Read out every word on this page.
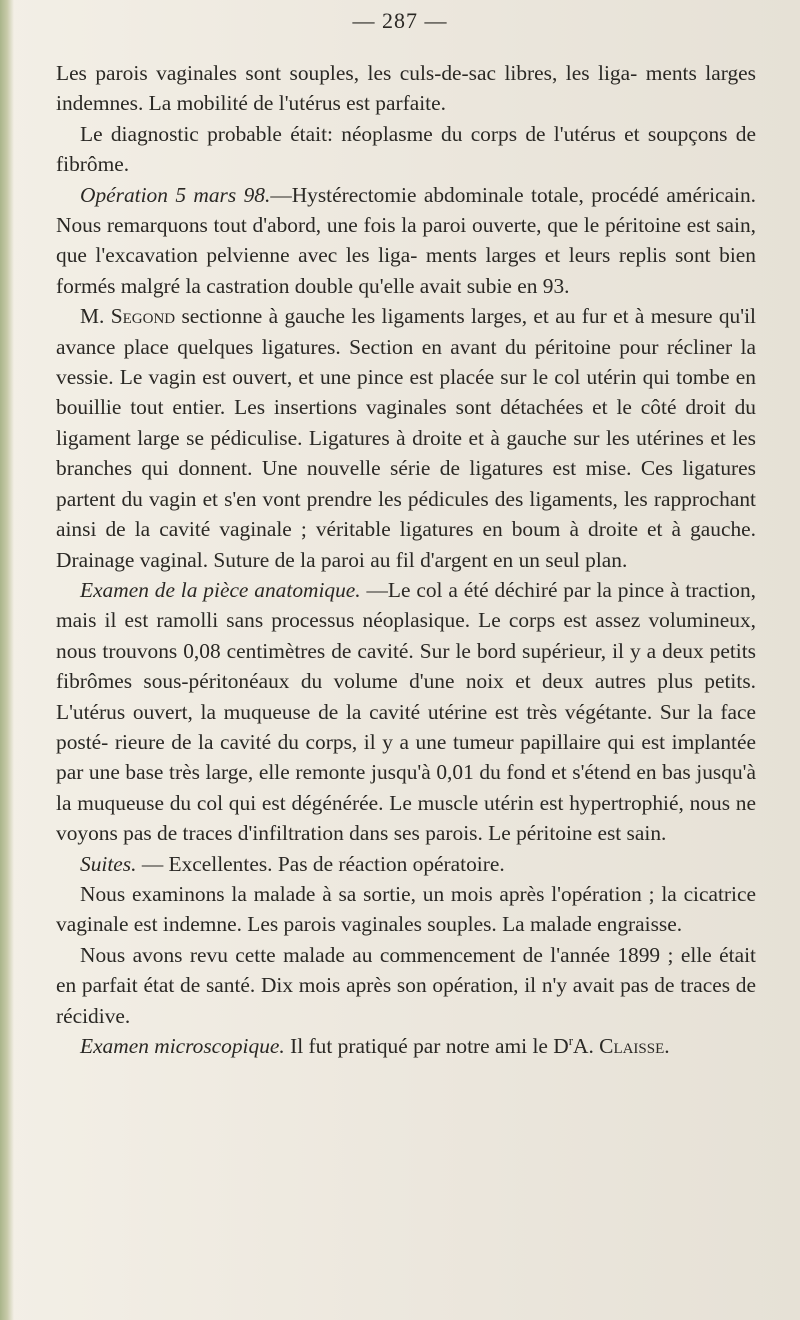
— 287 —

Les parois vaginales sont souples, les culs-de-sac libres, les liga- ments larges indemnes. La mobilité de l'utérus est parfaite.

Le diagnostic probable était: néoplasme du corps de l'utérus et soupçons de fibrôme.

Opération 5 mars 98.—Hystérectomie abdominale totale, procédé américain. Nous remarquons tout d'abord, une fois la paroi ouverte, que le péritoine est sain, que l'excavation pelvienne avec les liga- ments larges et leurs replis sont bien formés malgré la castration double qu'elle avait subie en 93.

M. Segond sectionne à gauche les ligaments larges, et au fur et à mesure qu'il avance place quelques ligatures. Section en avant du péritoine pour récliner la vessie. Le vagin est ouvert, et une pince est placée sur le col utérin qui tombe en bouillie tout entier. Les insertions vaginales sont détachées et le côté droit du ligament large se pédiculise. Ligatures à droite et à gauche sur les utérines et les branches qui donnent. Une nouvelle série de ligatures est mise. Ces ligatures partent du vagin et s'en vont prendre les pédicules des ligaments, les rapprochant ainsi de la cavité vaginale ; véritable ligatures en boum à droite et à gauche. Drainage vaginal. Suture de la paroi au fil d'argent en un seul plan.

Examen de la pièce anatomique. —Le col a été déchiré par la pince à traction, mais il est ramolli sans processus néoplasique. Le corps est assez volumineux, nous trouvons 0,08 centimètres de cavité. Sur le bord supérieur, il y a deux petits fibrômes sous-péritonéaux du volume d'une noix et deux autres plus petits. L'utérus ouvert, la muqueuse de la cavité utérine est très végétante. Sur la face posté- rieure de la cavité du corps, il y a une tumeur papillaire qui est implantée par une base très large, elle remonte jusqu'à 0,01 du fond et s'étend en bas jusqu'à la muqueuse du col qui est dégénérée. Le muscle utérin est hypertrophié, nous ne voyons pas de traces d'infiltration dans ses parois. Le péritoine est sain.

Suites. — Excellentes. Pas de réaction opératoire.

Nous examinons la malade à sa sortie, un mois après l'opération ; la cicatrice vaginale est indemne. Les parois vaginales souples. La malade engraisse.

Nous avons revu cette malade au commencement de l'année 1899 ; elle était en parfait état de santé. Dix mois après son opération, il n'y avait pas de traces de récidive.

Examen microscopique. Il fut pratiqué par notre ami le $D^rA$. Claisse.
